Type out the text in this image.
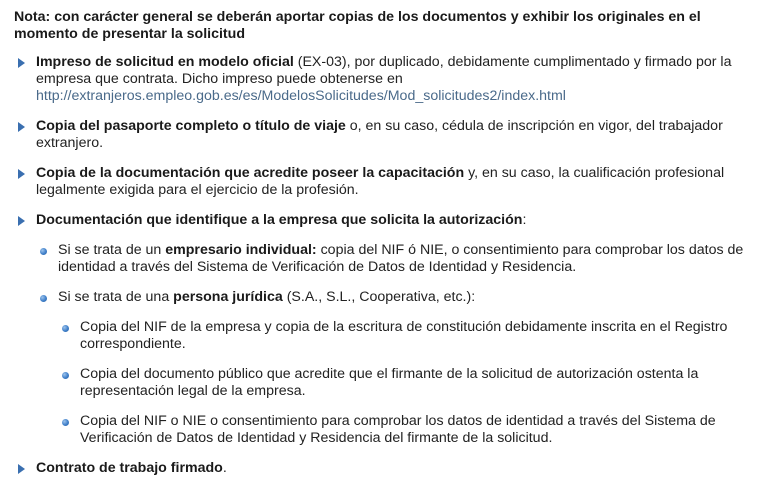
Nota: con carácter general se deberán aportar copias de los documentos y exhibir los originales en el momento de presentar la solicitud

Impreso de solicitud en modelo oficial (EX-03), por duplicado, debidamente cumplimentado y firmado por la empresa que contrata. Dicho impreso puede obtenerse en http://extranjeros.empleo.gob.es/es/ModelosSolicitudes/Mod_solicitudes2/index.html
Copia del pasaporte completo o título de viaje o, en su caso, cédula de inscripción en vigor, del trabajador extranjero.
Copia de la documentación que acredite poseer la capacitación y, en su caso, la cualificación profesional legalmente exigida para el ejercicio de la profesión.
Documentación que identifique a la empresa que solicita la autorización:
Si se trata de un empresario individual: copia del NIF ó NIE, o consentimiento para comprobar los datos de identidad a través del Sistema de Verificación de Datos de Identidad y Residencia.
Si se trata de una persona jurídica (S.A., S.L., Cooperativa, etc.):
Copia del NIF de la empresa y copia de la escritura de constitución debidamente inscrita en el Registro correspondiente.
Copia del documento público que acredite que el firmante de la solicitud de autorización ostenta la representación legal de la empresa.
Copia del NIF o NIE o consentimiento para comprobar los datos de identidad a través del Sistema de Verificación de Datos de Identidad y Residencia del firmante de la solicitud.
Contrato de trabajo firmado.
